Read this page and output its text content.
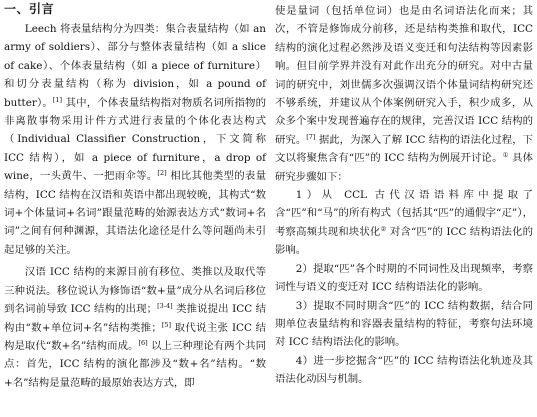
一、引言

Leech 将表量结构分为四类：集合表量结构（如 an army of soldiers）、部分与整体表量结构（如 a slice of cake）、个体表量结构（如 a piece of furniture）和切分表量结构（称为 division，如 a pound of butter）。[1] 其中，个体表量结构指对物质名词所指物的非离散事物采用计件方式进行表量的个体化表达构式（Individual Classifier Construction，下文简称 ICC 结构），如 a piece of furniture，a drop of wine，一头黄牛、一把雨伞等。[2] 相比其他类型的表量结构，ICC 结构在汉语和英语中都出现较晚，其构式“数词+个体量词+名词”跟量范畴的始源表达方式“数词+名词”之间有何种渊源，其语法化途径是什么等问题尚未引起足够的关注。

汉语 ICC 结构的来源目前有移位、类推以及取代等三种说法。移位说认为修饰语“数+量”成分从名词后移位到名词前导致 ICC 结构的出现；[3-4] 类推说提出 ICC 结构由“数+单位词+名”结构类推；[5] 取代说主张 ICC 结构是取代“数+名”结构而成。[6] 以上三种理论有两个共同点：首先，ICC 结构的演化都涉及“数+名”结构。“数+名”结构是量范畴的最原始表达方式，即

使是量词（包括单位词）也是由名词语法化而来；其次，不管是修饰成分前移，还是结构类推和取代，ICC 结构的演化过程必然涉及语义变迁和句法结构等因素影响。但目前学界并没有对此作出充分的研究。对中古量词的研究中，刘世儒多次强调汉语个体量词结构研究还不够系统，并建议从个体案例研究入手，积少成多，从众多个案中发现普遍存在的规律，完善汉语 ICC 结构的研究。[7] 据此，为深入了解 ICC 结构的语法化过程，下文以将聚焦含有“匹”的 ICC 结构为例展开讨论。① 具体研究步骤如下：

1）从 CCL 古代汉语语料库中提取了含“匹”和“马”的所有构式（包括其“匹”的通假字“疋”），考察高频共现和块状化② 对含“匹”的 ICC 结构语法化的影响。

2）提取“匹”各个时期的不同词性及出现频率，考察词性与语义的变迁对 ICC 结构语法化的影响。

3）提取不同时期含“匹”的 ICC 结构数据，结合同期单位表量结构和容器表量结构的特征，考察句法环境对 ICC 结构语法化的影响。

4）进一步挖掘含“匹”的 ICC 结构语法化轨迹及其语法化动因与机制。
